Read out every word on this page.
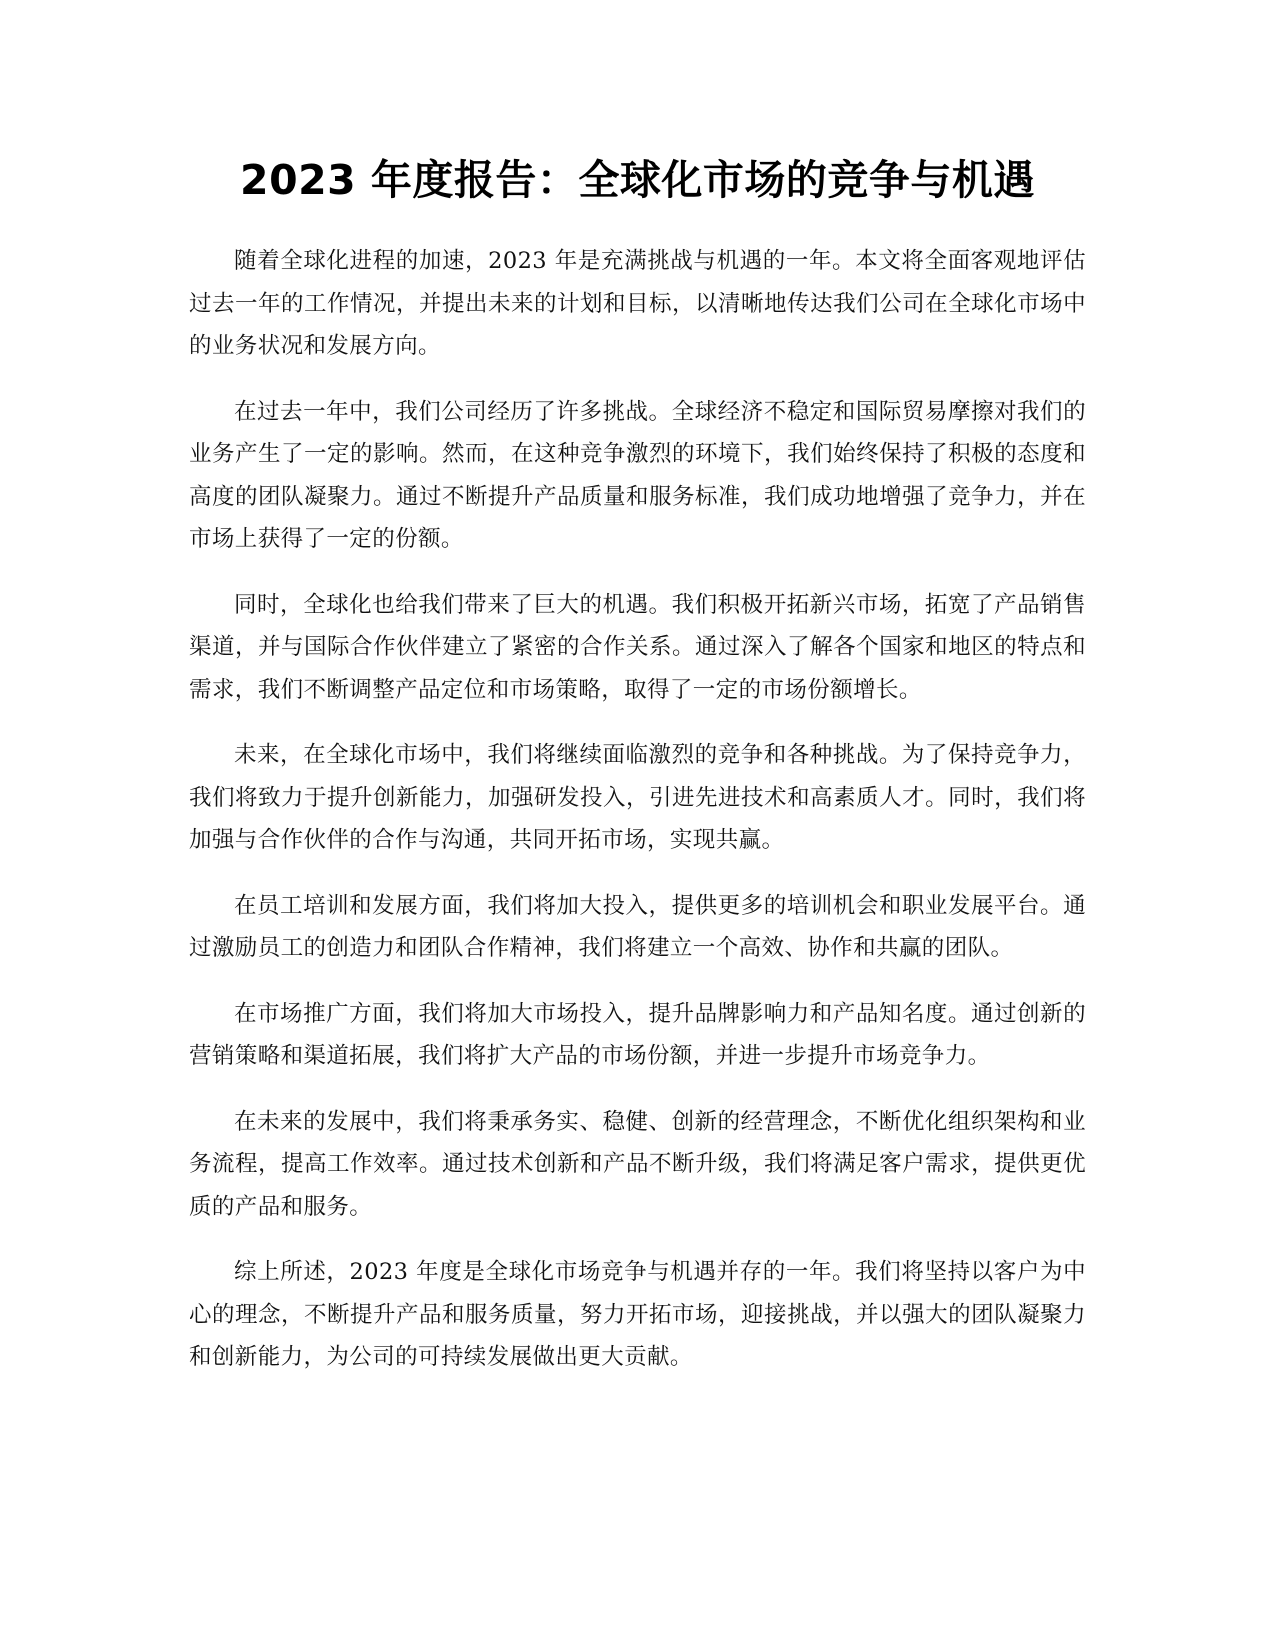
2023 年度报告：全球化市场的竞争与机遇

随着全球化进程的加速，2023 年是充满挑战与机遇的一年。本文将全面客观地评估过去一年的工作情况，并提出未来的计划和目标，以清晰地传达我们公司在全球化市场中的业务状况和发展方向。

在过去一年中，我们公司经历了许多挑战。全球经济不稳定和国际贸易摩擦对我们的业务产生了一定的影响。然而，在这种竞争激烈的环境下，我们始终保持了积极的态度和高度的团队凝聚力。通过不断提升产品质量和服务标准，我们成功地增强了竞争力，并在市场上获得了一定的份额。

同时，全球化也给我们带来了巨大的机遇。我们积极开拓新兴市场，拓宽了产品销售渠道，并与国际合作伙伴建立了紧密的合作关系。通过深入了解各个国家和地区的特点和需求，我们不断调整产品定位和市场策略，取得了一定的市场份额增长。

未来，在全球化市场中，我们将继续面临激烈的竞争和各种挑战。为了保持竞争力，我们将致力于提升创新能力，加强研发投入，引进先进技术和高素质人才。同时，我们将加强与合作伙伴的合作与沟通，共同开拓市场，实现共赢。

在员工培训和发展方面，我们将加大投入，提供更多的培训机会和职业发展平台。通过激励员工的创造力和团队合作精神，我们将建立一个高效、协作和共赢的团队。

在市场推广方面，我们将加大市场投入，提升品牌影响力和产品知名度。通过创新的营销策略和渠道拓展，我们将扩大产品的市场份额，并进一步提升市场竞争力。

在未来的发展中，我们将秉承务实、稳健、创新的经营理念，不断优化组织架构和业务流程，提高工作效率。通过技术创新和产品不断升级，我们将满足客户需求，提供更优质的产品和服务。

综上所述，2023 年度是全球化市场竞争与机遇并存的一年。我们将坚持以客户为中心的理念，不断提升产品和服务质量，努力开拓市场，迎接挑战，并以强大的团队凝聚力和创新能力，为公司的可持续发展做出更大贡献。
